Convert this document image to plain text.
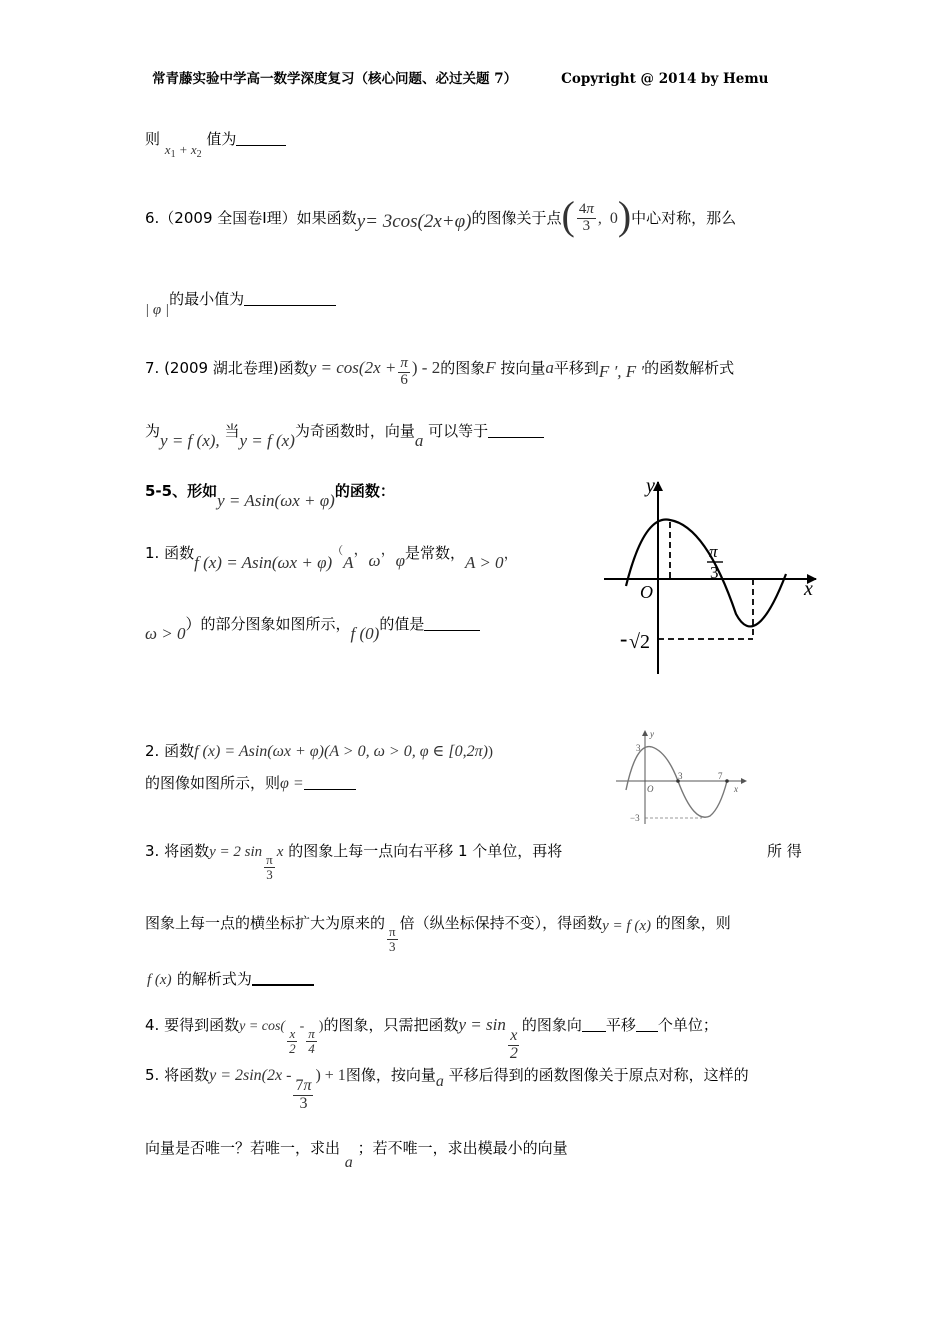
常青藤实验中学高一数学深度复习（核心问题、必过关题 7）	Copyright @ 2014 by Hemu
则 $x_1 + x_2$ 值为
6.（2009 全国卷Ⅰ理）如果函数y= 3cos(2x+φ)的图像关于点( $\frac{4\pi}{3}$ ,  0)中心对称，那么
| φ |的最小值为
7. (2009 湖北卷理)函数$y = \cos(2x + \frac{\pi}{6}$ ) - 2的图象F 按向量a平移到F ′, F ′的函数解析式
为y = f (x), 当y = f (x)为奇函数时，向量a 可以等于
5-5、形如y = Asin(ωx + φ)的函数：
1. 函数f (x) = Asin(ωx + φ)（A，ω，φ是常数，A > 0，
ω > 0）的部分图象如图所示，f (0)的值是
y
x
O
π
3
- √2
2. 函数f (x) = Asin(ωx + φ)(A > 0, ω > 0, φ ∈ [0,2π))
的图像如图所示，则φ =
y
x
O
3
−3
3	7
3. 将函数y = 2 sin
$\frac{\pi}{3}$
x 的图象上每一点向右平移 1 个单位，再将	所 得
图象上每一点的横坐标扩大为原来的
$\frac{\pi}{3}$
倍（纵坐标保持不变），得函数y = f (x) 的图象，则
f (x) 的解析式为
4. 要得到函数y = cos(
$\frac{x}{2}$
-
$\frac{\pi}{4}$
)的图象，只需把函数y = sin
$\frac{x}{2}$
的图象向 平移 个单位；
5. 将函数y = 2sin(2x -
$\frac{7\pi}{3}$
) + 1图像，按向量a 平移后得到的函数图像关于原点对称，这样的
向量是否唯一？若唯一，求出 a ；若不唯一，求出模最小的向量
